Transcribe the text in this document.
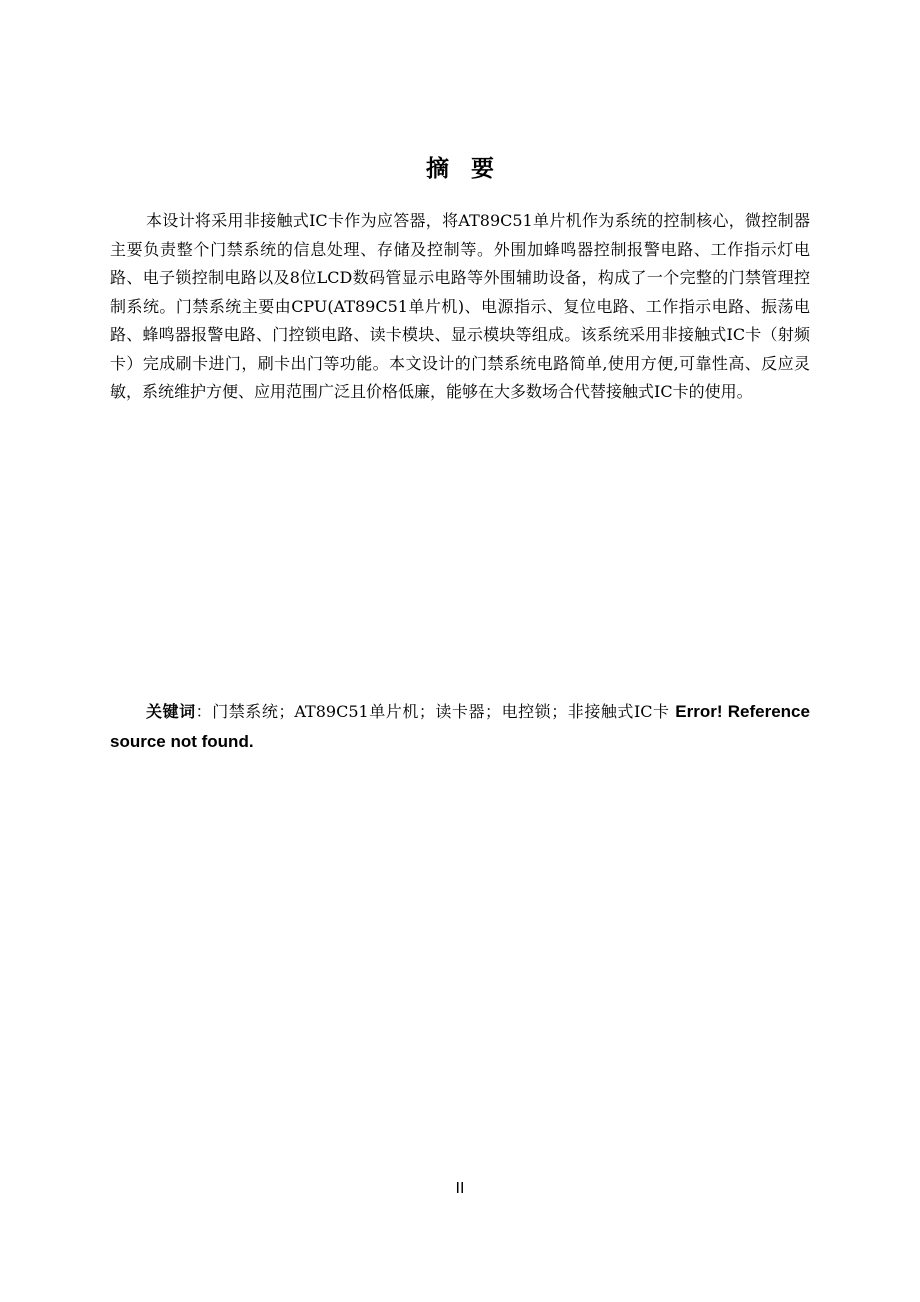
摘要

本设计将采用非接触式IC卡作为应答器，将AT89C51单片机作为系统的控制核心，微控制器主要负责整个门禁系统的信息处理、存储及控制等。外围加蜂鸣器控制报警电路、工作指示灯电路、电子锁控制电路以及8位LCD数码管显示电路等外围辅助设备，构成了一个完整的门禁管理控制系统。门禁系统主要由CPU(AT89C51单片机)、电源指示、复位电路、工作指示电路、振荡电路、蜂鸣器报警电路、门控锁电路、读卡模块、显示模块等组成。该系统采用非接触式IC卡（射频卡）完成刷卡进门，刷卡出门等功能。本文设计的门禁系统电路简单,使用方便,可靠性高、反应灵敏，系统维护方便、应用范围广泛且价格低廉，能够在大多数场合代替接触式IC卡的使用。

关键词：门禁系统；AT89C51单片机；读卡器；电控锁；非接触式IC卡 Error! Reference source not found.

II
